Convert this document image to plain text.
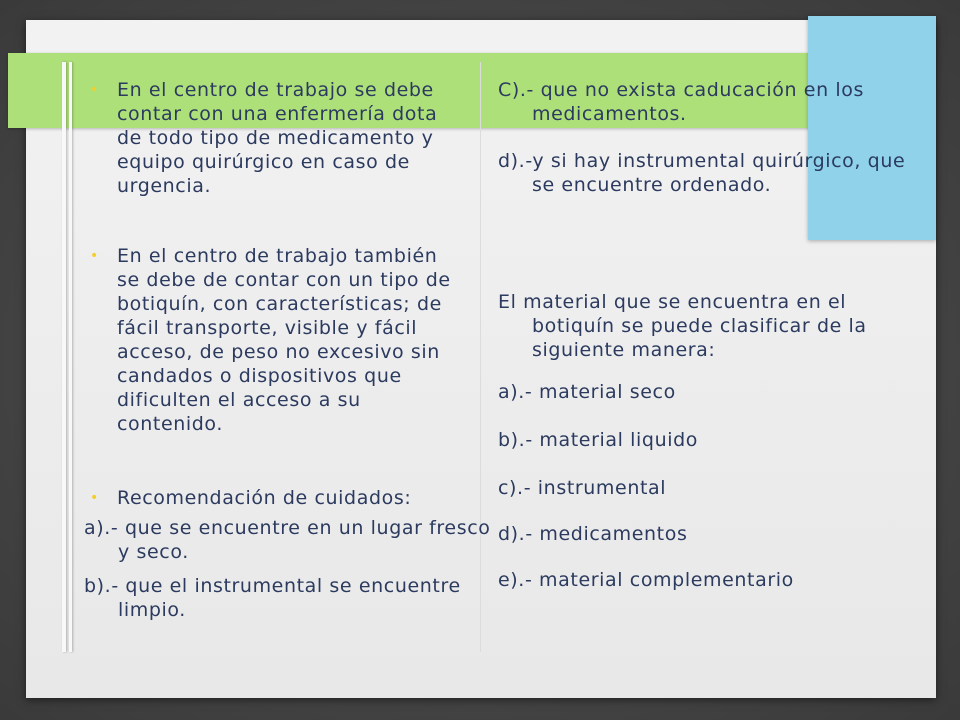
• En el centro de trabajo se debe contar con una enfermería dota de todo tipo de medicamento y equipo quirúrgico en caso de urgencia.
• En el centro de trabajo también se debe de contar con un tipo de botiquín, con características; de fácil transporte, visible y fácil acceso, de peso no excesivo sin candados o dispositivos que dificulten el acceso a su contenido.
• Recomendación de cuidados:
a).- que se encuentre en un lugar fresco y seco.
b).- que el instrumental se encuentre limpio.
C).- que no exista caducación en los medicamentos.
d).-y si hay instrumental quirúrgico, que se encuentre ordenado.
El material que se encuentra en el botiquín se puede clasificar de la siguiente manera:
a).- material seco
b).- material liquido
c).- instrumental
d).- medicamentos
e).- material complementario
